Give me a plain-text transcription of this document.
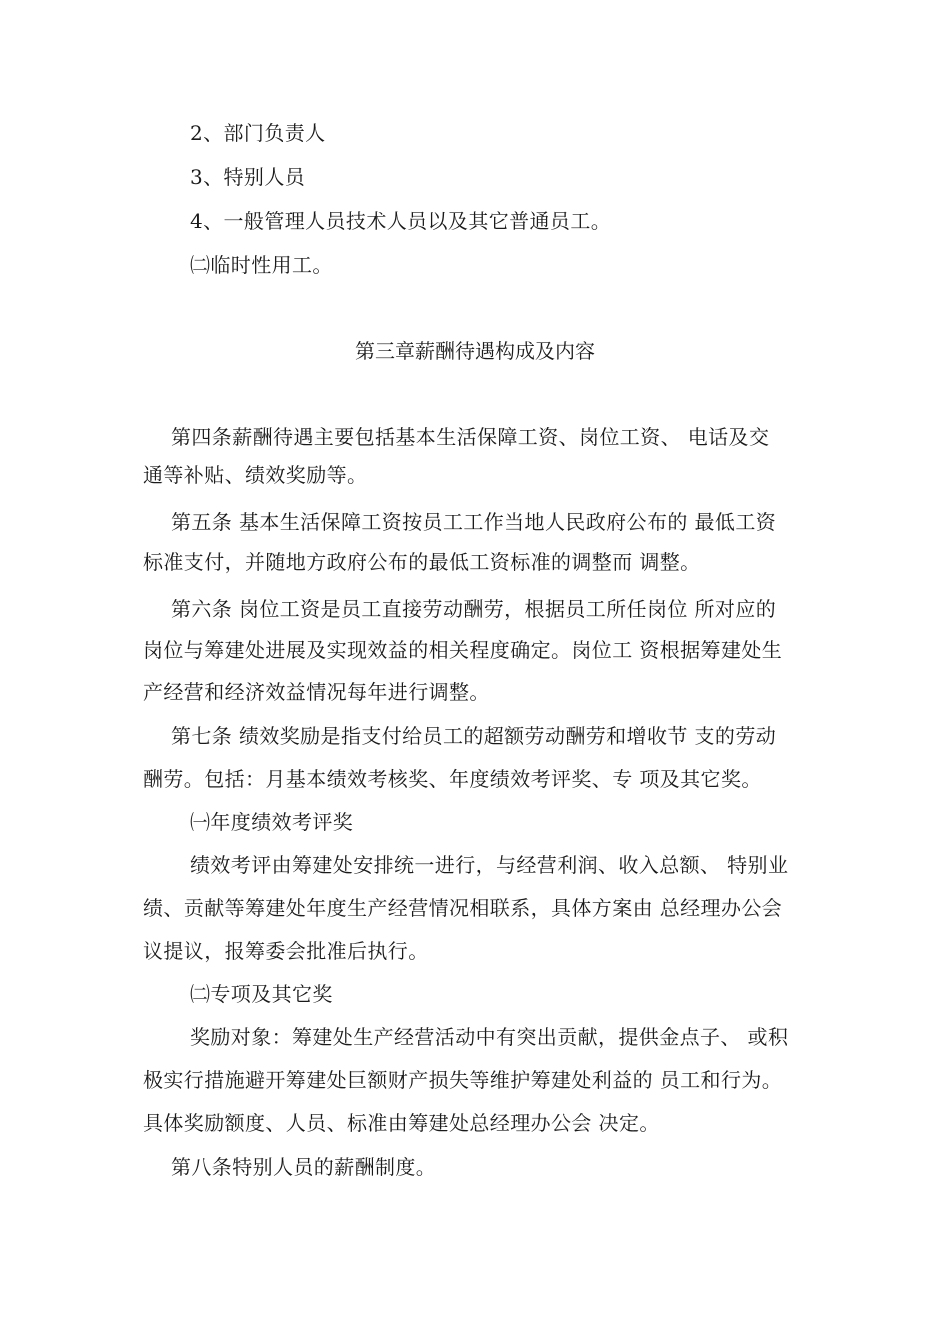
2、部门负责人
3、特别人员
4、一般管理人员技术人员以及其它普通员工。
㈡临时性用工。
第三章薪酬待遇构成及内容
第四条薪酬待遇主要包括基本生活保障工资、岗位工资、 电话及交
通等补贴、绩效奖励等。
第五条 基本生活保障工资按员工工作当地人民政府公布的 最低工资
标准支付，并随地方政府公布的最低工资标准的调整而 调整。
第六条 岗位工资是员工直接劳动酬劳，根据员工所任岗位 所对应的
岗位与筹建处进展及实现效益的相关程度确定。岗位工 资根据筹建处生
产经营和经济效益情况每年进行调整。
第七条 绩效奖励是指支付给员工的超额劳动酬劳和增收节 支的劳动
酬劳。包括：月基本绩效考核奖、年度绩效考评奖、专 项及其它奖。
㈠年度绩效考评奖
绩效考评由筹建处安排统一进行，与经营利润、收入总额、 特别业
绩、贡献等筹建处年度生产经营情况相联系，具体方案由 总经理办公会
议提议，报筹委会批准后执行。
㈡专项及其它奖
奖励对象：筹建处生产经营活动中有突出贡献，提供金点子、 或积
极实行措施避开筹建处巨额财产损失等维护筹建处利益的 员工和行为。
具体奖励额度、人员、标准由筹建处总经理办公会 决定。
第八条特别人员的薪酬制度。
